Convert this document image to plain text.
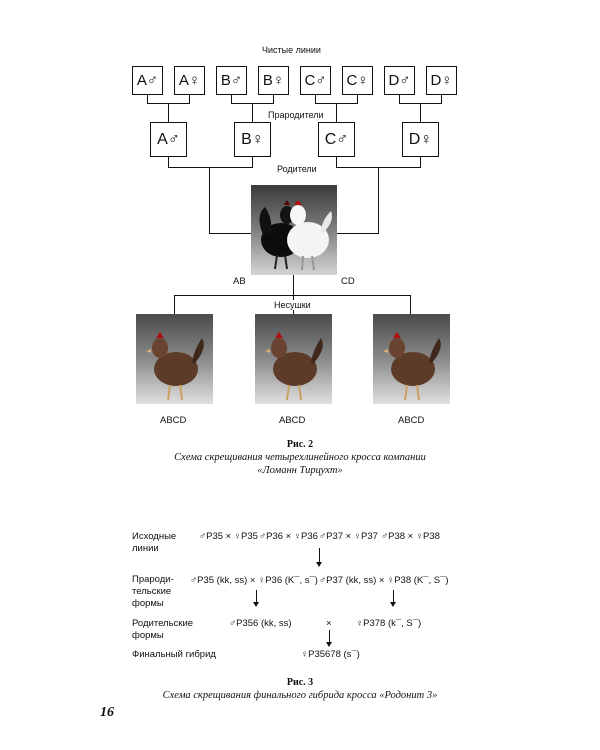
Чистые линии
A♂	A♀	B♂	B♀	C♂ C♀ D♂ D♀
Прародители
A♂	B♀	C♂	D♀
Родители
AB	CD
Несушки
ABCD	ABCD	ABCD
Рис. 2
Схема скрещивания четырехлинейного кросса компании
«Ломанн Тирцухт»
Исходные
линии
♂P35 × ♀P35 ♂P36 × ♀P36 ♂P37 × ♀P37 ♂P38 × ♀P38
Прароди-
тельские
формы
♂P35 (kk, ss) × ♀P36 (K¯, s¯) ♂P37 (kk, ss) × ♀P38 (K¯, S¯)
Родительские
формы
♂P356 (kk, ss)	×	♀P378 (k¯, S¯)
Финальный гибрид	♀P35678 (s¯)
Рис. 3
Схема скрещивания финального гибрида кросса «Родонит 3»
16
